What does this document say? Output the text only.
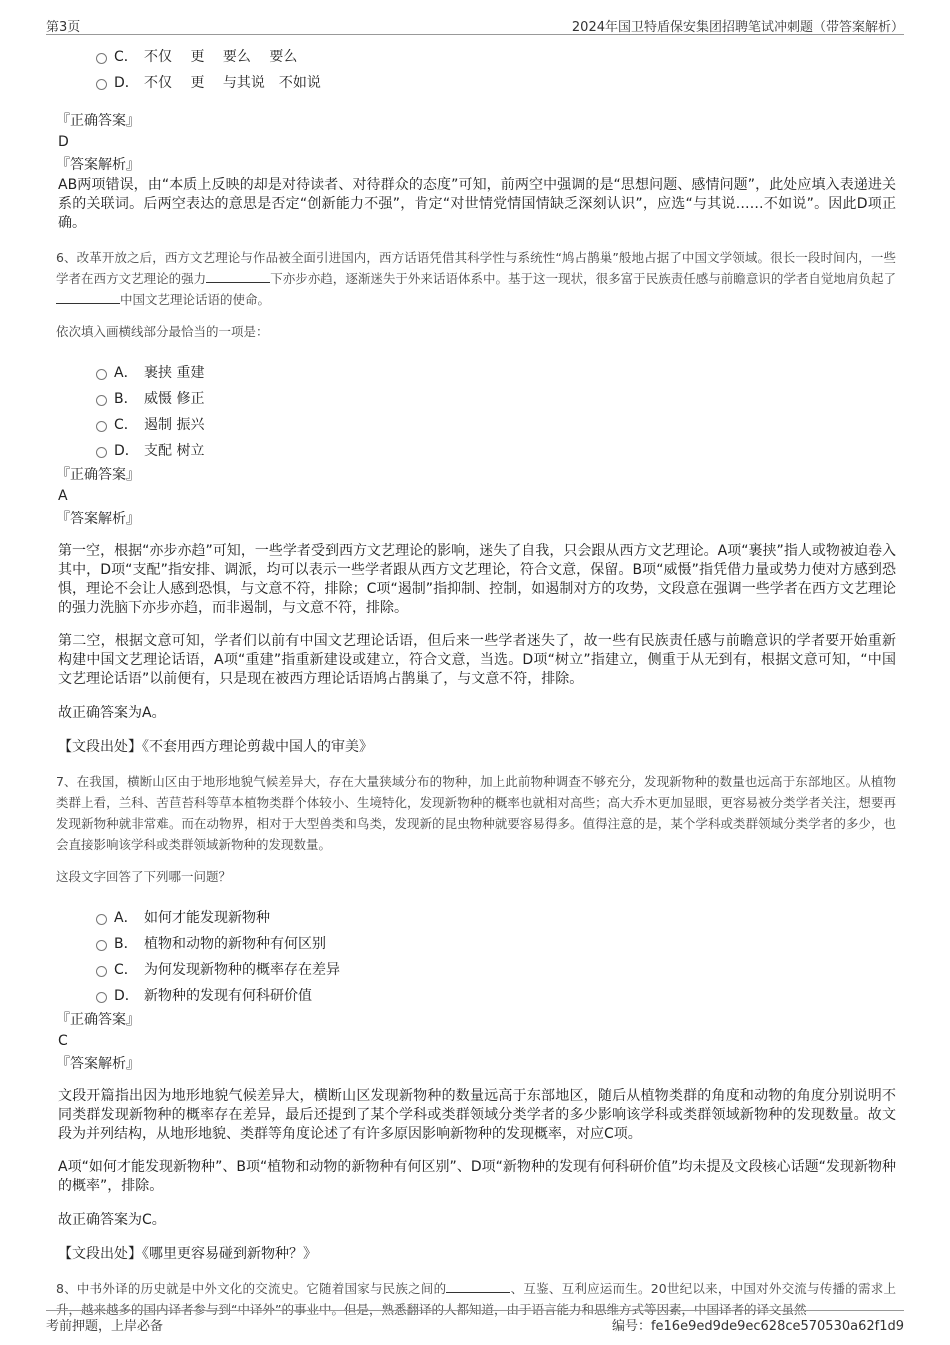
第3页	2024年国卫特盾保安集团招聘笔试冲刺题（带答案解析）
C． 不仅　 更　 要么　 要么
D． 不仅　 更　 与其说　不如说

『正确答案』

D

『答案解析』

AB两项错误，由“本质上反映的却是对待读者、对待群众的态度”可知，前两空中强调的是“思想问题、感情问题”，此处应填入表递进关系的关联词。后两空表达的意思是否定“创新能力不强”，肯定“对世情党情国情缺乏深刻认识”，应选“与其说……不如说”。因此D项正确。

6、改革开放之后，西方文艺理论与作品被全面引进国内，西方话语凭借其科学性与系统性“鸠占鹊巢”般地占据了中国文学领域。很长一段时间内，一些学者在西方文艺理论的强力	下亦步亦趋，逐渐迷失于外来话语体系中。基于这一现状，很多富于民族责任感与前瞻意识的学者自觉地肩负起了中国文艺理论话语的使命。

依次填入画横线部分最恰当的一项是：

A． 裹挟 重建
B． 威慑 修正
C． 遏制 振兴
D． 支配 树立

『正确答案』

A

『答案解析』

第一空，根据“亦步亦趋”可知，一些学者受到西方文艺理论的影响，迷失了自我，只会跟从西方文艺理论。A项“裹挟”指人或物被迫卷入其中，D项“支配”指安排、调派，均可以表示一些学者跟从西方文艺理论，符合文意，保留。B项“威慑”指凭借力量或势力使对方感到恐惧，理论不会让人感到恐惧，与文意不符，排除；C项“遏制”指抑制、控制，如遏制对方的攻势，文段意在强调一些学者在西方文艺理论的强力洗脑下亦步亦趋，而非遏制，与文意不符，排除。

第二空，根据文意可知，学者们以前有中国文艺理论话语，但后来一些学者迷失了，故一些有民族责任感与前瞻意识的学者要开始重新构建中国文艺理论话语，A项“重建”指重新建设或建立，符合文意，当选。D项“树立”指建立，侧重于从无到有，根据文意可知，“中国文艺理论话语”以前便有，只是现在被西方理论话语鸠占鹊巢了，与文意不符，排除。

故正确答案为A。

【文段出处】《不套用西方理论剪裁中国人的审美》

7、在我国，横断山区由于地形地貌气候差异大，存在大量狭域分布的物种，加上此前物种调查不够充分，发现新物种的数量也远高于东部地区。从植物类群上看，兰科、苦苣苔科等草本植物类群个体较小、生境特化，发现新物种的概率也就相对高些；高大乔木更加显眼，更容易被分类学者关注，想要再发现新物种就非常难。而在动物界，相对于大型兽类和鸟类，发现新的昆虫物种就要容易得多。值得注意的是，某个学科或类群领域分类学者的多少，也会直接影响该学科或类群领域新物种的发现数量。

这段文字回答了下列哪一问题？

A． 如何才能发现新物种
B． 植物和动物的新物种有何区别
C． 为何发现新物种的概率存在差异
D． 新物种的发现有何科研价值

『正确答案』

C

『答案解析』

文段开篇指出因为地形地貌气候差异大，横断山区发现新物种的数量远高于东部地区，随后从植物类群的角度和动物的角度分别说明不同类群发现新物种的概率存在差异，最后还提到了某个学科或类群领域分类学者的多少影响该学科或类群领域新物种的发现数量。故文段为并列结构，从地形地貌、类群等角度论述了有许多原因影响新物种的发现概率，对应C项。

A项“如何才能发现新物种”、B项“植物和动物的新物种有何区别”、D项“新物种的发现有何科研价值”均未提及文段核心话题“发现新物种的概率”，排除。

故正确答案为C。

【文段出处】《哪里更容易碰到新物种？》

8、中书外译的历史就是中外文化的交流史。它随着国家与民族之间的	、互鉴、互利应运而生。20世纪以来，中国对外交流与传播的需求上升，越来越多的国内译者参与到“中译外”的事业中。但是，熟悉翻译的人都知道，由于语言能力和思维方式等因素，中国译者的译文虽然

考前押题，上岸必备	编号：fe16e9ed9de9ec628ce570530a62f1d9
